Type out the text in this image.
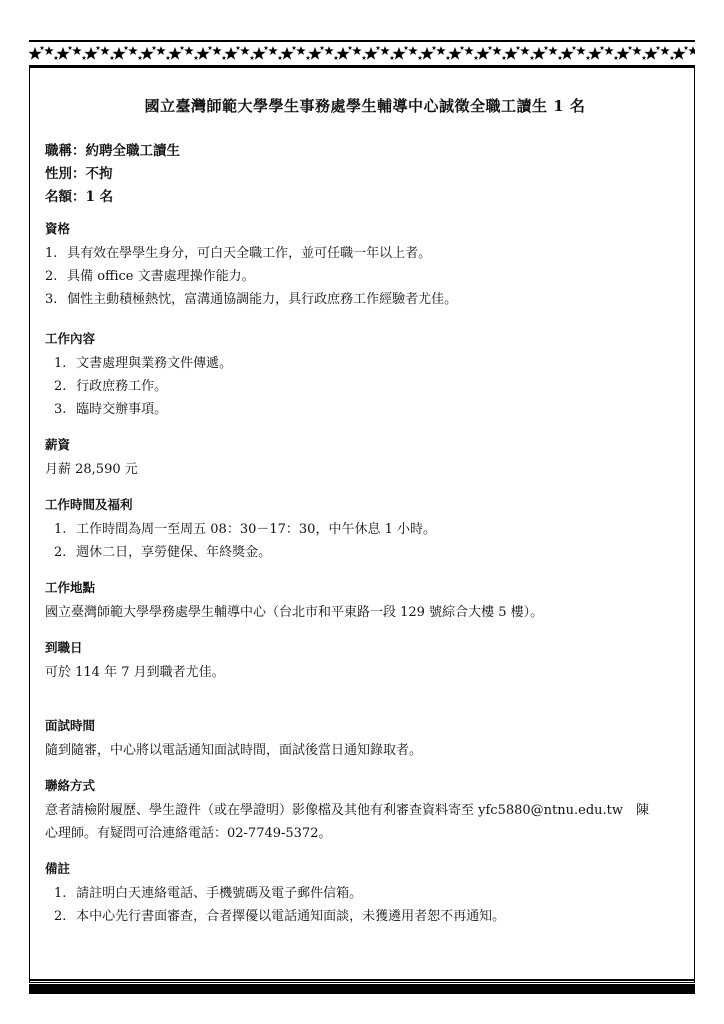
國立臺灣師範大學學生事務處學生輔導中心誠徵全職工讀生 1 名

職稱：約聘全職工讀生

性別：不拘

名額：1 名

資格
1. 具有效在學學生身分，可白天全職工作，並可任職一年以上者。
2. 具備 office 文書處理操作能力。
3. 個性主動積極熱忱，富溝通協調能力，具行政庶務工作經驗者尤佳。
工作內容
1. 文書處理與業務文件傳遞。
2. 行政庶務工作。
3. 臨時交辦事項。
薪資

月薪 28,590 元

工作時間及福利
1. 工作時間為周一至周五 08：30－17：30，中午休息 1 小時。
2. 週休二日，享勞健保、年終獎金。
工作地點

國立臺灣師範大學學務處學生輔導中心（台北市和平東路一段 129 號綜合大樓 5 樓）。

到職日

可於 114 年 7 月到職者尤佳。

面試時間

隨到隨審，中心將以電話通知面試時間，面試後當日通知錄取者。

聯絡方式

意者請檢附履歷、學生證件（或在學證明）影像檔及其他有利審查資料寄至 yfc5880@ntnu.edu.tw　陳

心理師。有疑問可洽連絡電話：02-7749-5372。

備註
1. 請註明白天連絡電話、手機號碼及電子郵件信箱。
2. 本中心先行書面審查，合者擇優以電話通知面談，未獲遴用者恕不再通知。
